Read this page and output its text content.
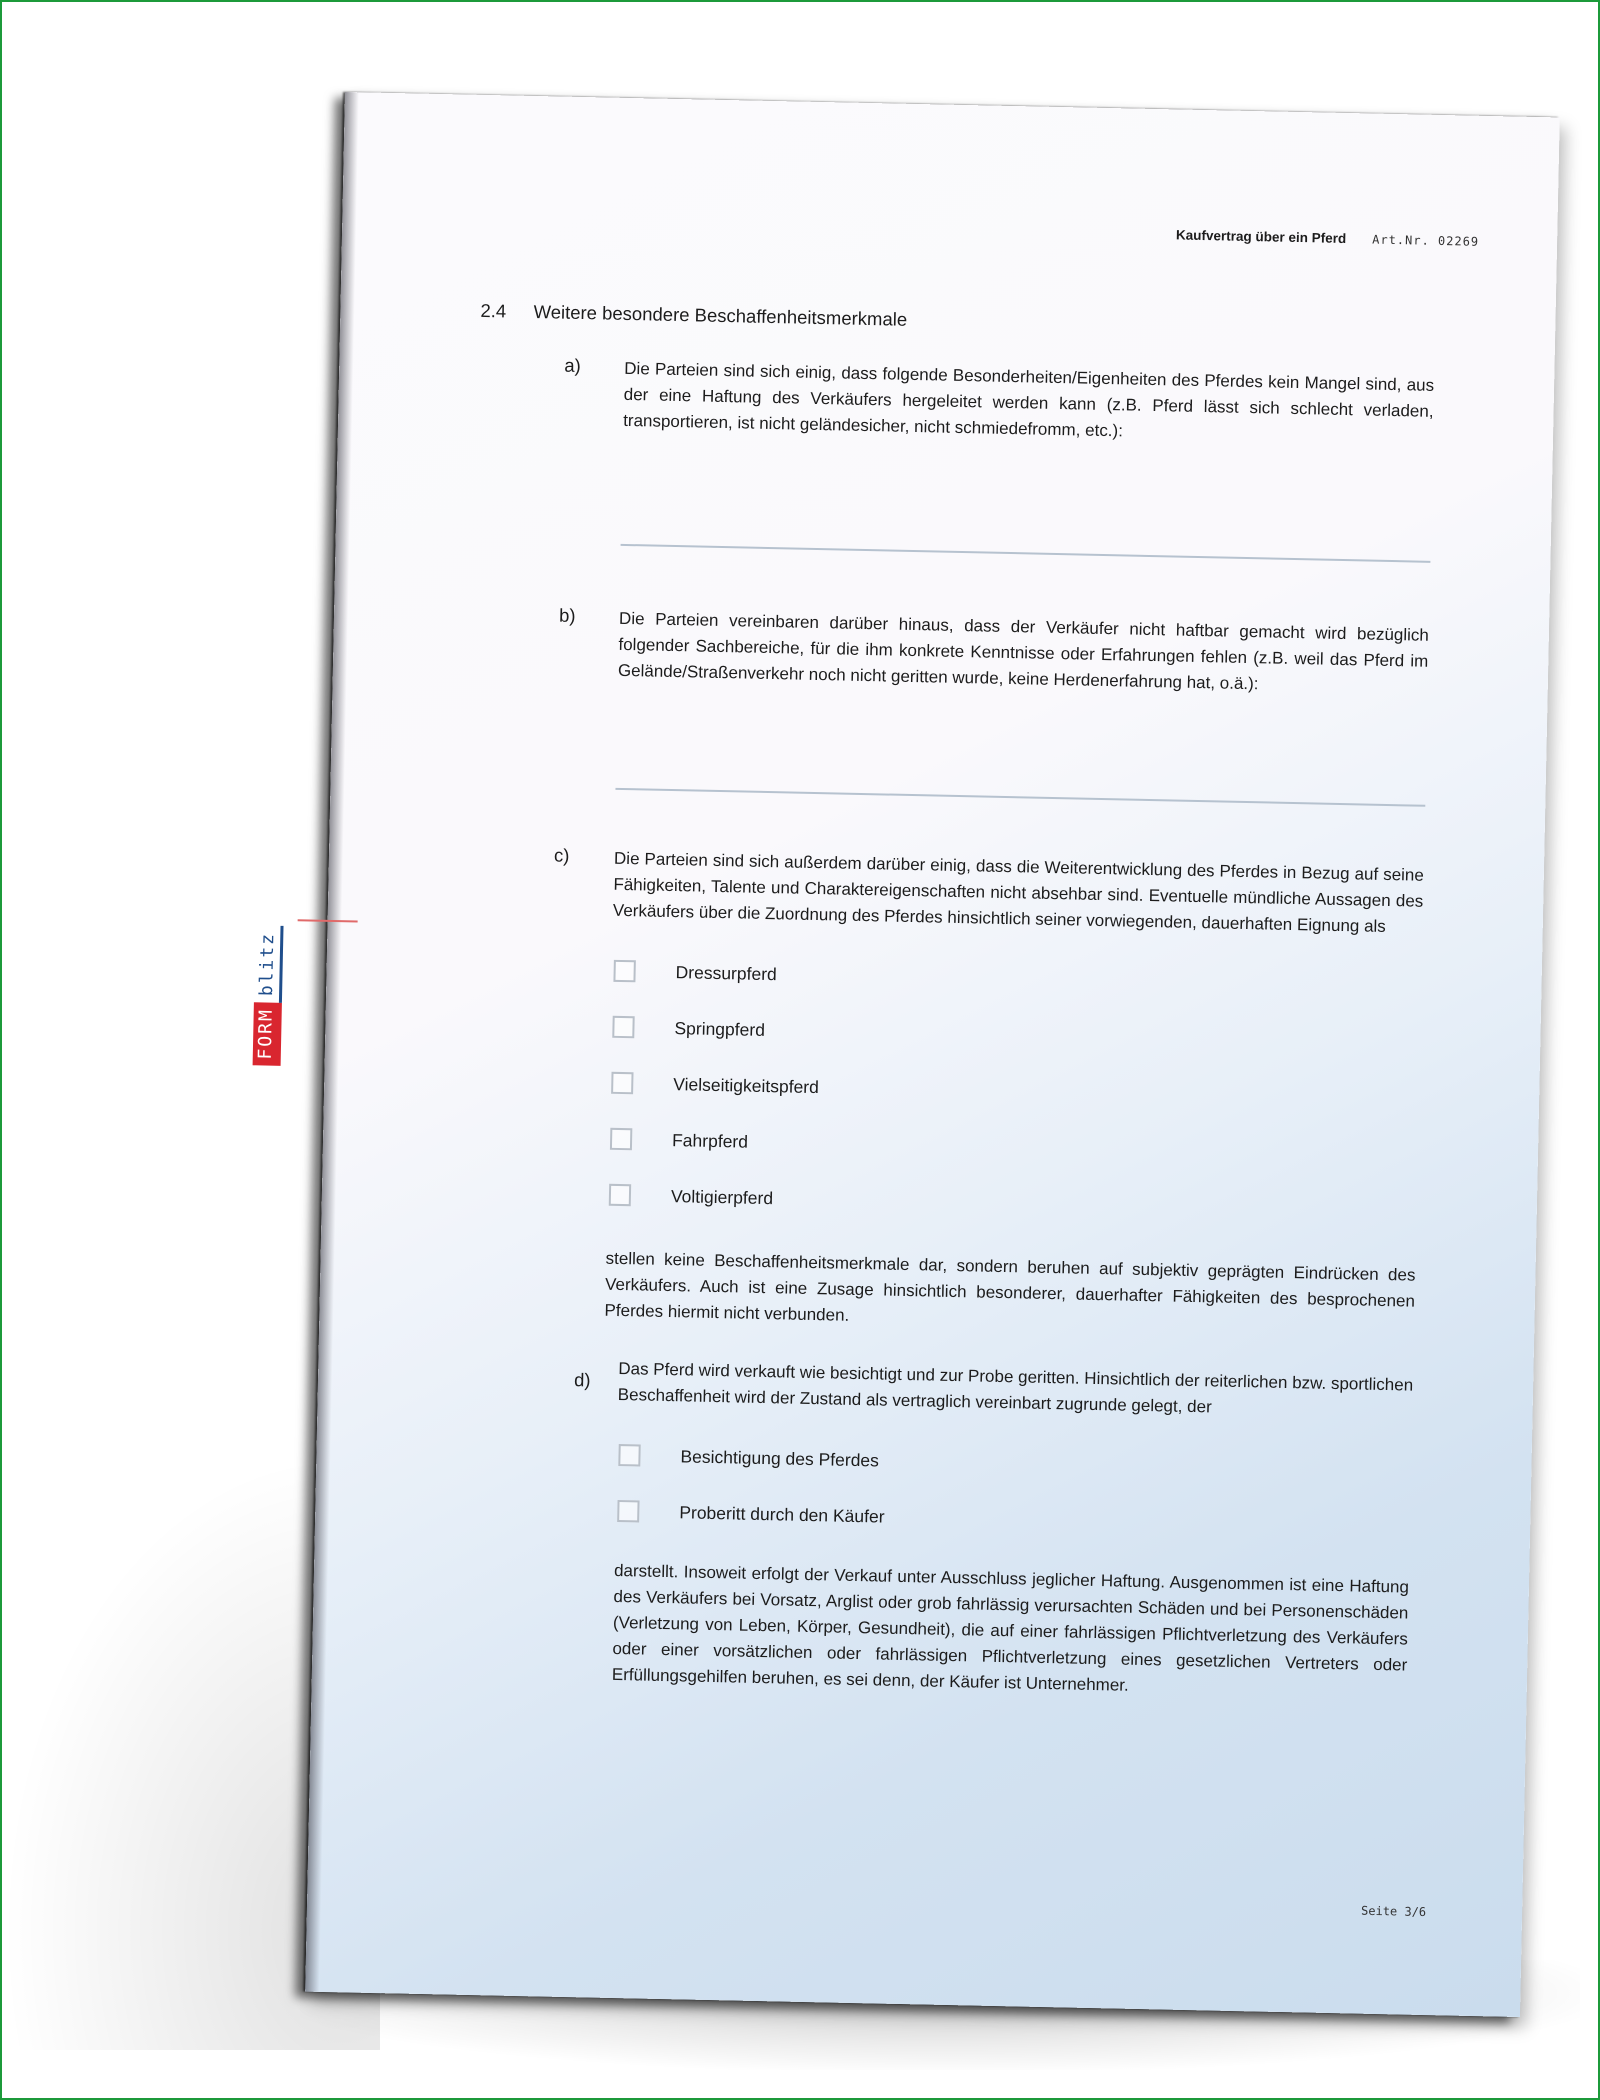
FORM
blitz
Kaufvertrag über ein Pferd Art.Nr. 02269
2.4 Weitere besondere Beschaffenheitsmerkmale
a)	Die Parteien sind sich einig, dass folgende Besonderheiten/Eigenheiten des Pferdes kein Mangel sind, aus der eine Haftung des Verkäufers hergeleitet werden kann (z.B. Pferd lässt sich schlecht verladen, transportieren, ist nicht geländesicher, nicht schmiedefromm, etc.):

b)	Die Parteien vereinbaren darüber hinaus, dass der Verkäufer nicht haftbar gemacht wird bezüglich folgender Sachbereiche, für die ihm konkrete Kenntnisse oder Erfahrungen fehlen (z.B. weil das Pferd im Gelände/Straßenverkehr noch nicht geritten wurde, keine Herdenerfahrung hat, o.ä.):

c)	Die Parteien sind sich außerdem darüber einig, dass die Weiterentwicklung des Pferdes in Bezug auf seine Fähigkeiten, Talente und Charaktereigenschaften nicht absehbar sind. Eventuelle mündliche Aussagen des Verkäufers über die Zuordnung des Pferdes hinsichtlich seiner vorwiegenden, dauerhaften Eignung als

Dressurpferd
Springpferd
Vielseitigkeitspferd
Fahrpferd
Voltigierpferd

stellen keine Beschaffenheitsmerkmale dar, sondern beruhen auf subjektiv geprägten Eindrücken des Verkäufers. Auch ist eine Zusage hinsichtlich besonderer, dauerhafter Fähigkeiten des besprochenen Pferdes hiermit nicht verbunden.

d) Das Pferd wird verkauft wie besichtigt und zur Probe geritten. Hinsichtlich der reiterlichen bzw. sportlichen Beschaffenheit wird der Zustand als vertraglich vereinbart zugrunde gelegt, der

Besichtigung des Pferdes
Proberitt durch den Käufer

darstellt. Insoweit erfolgt der Verkauf unter Ausschluss jeglicher Haftung. Ausgenommen ist eine Haftung des Verkäufers bei Vorsatz, Arglist oder grob fahrlässig verursachten Schäden und bei Personenschäden (Verletzung von Leben, Körper, Gesundheit), die auf einer fahrlässigen Pflichtverletzung des Verkäufers oder einer vorsätzlichen oder fahrlässigen Pflichtverletzung eines gesetzlichen Vertreters oder Erfüllungsgehilfen beruhen, es sei denn, der Käufer ist Unternehmer.

Seite 3/6
